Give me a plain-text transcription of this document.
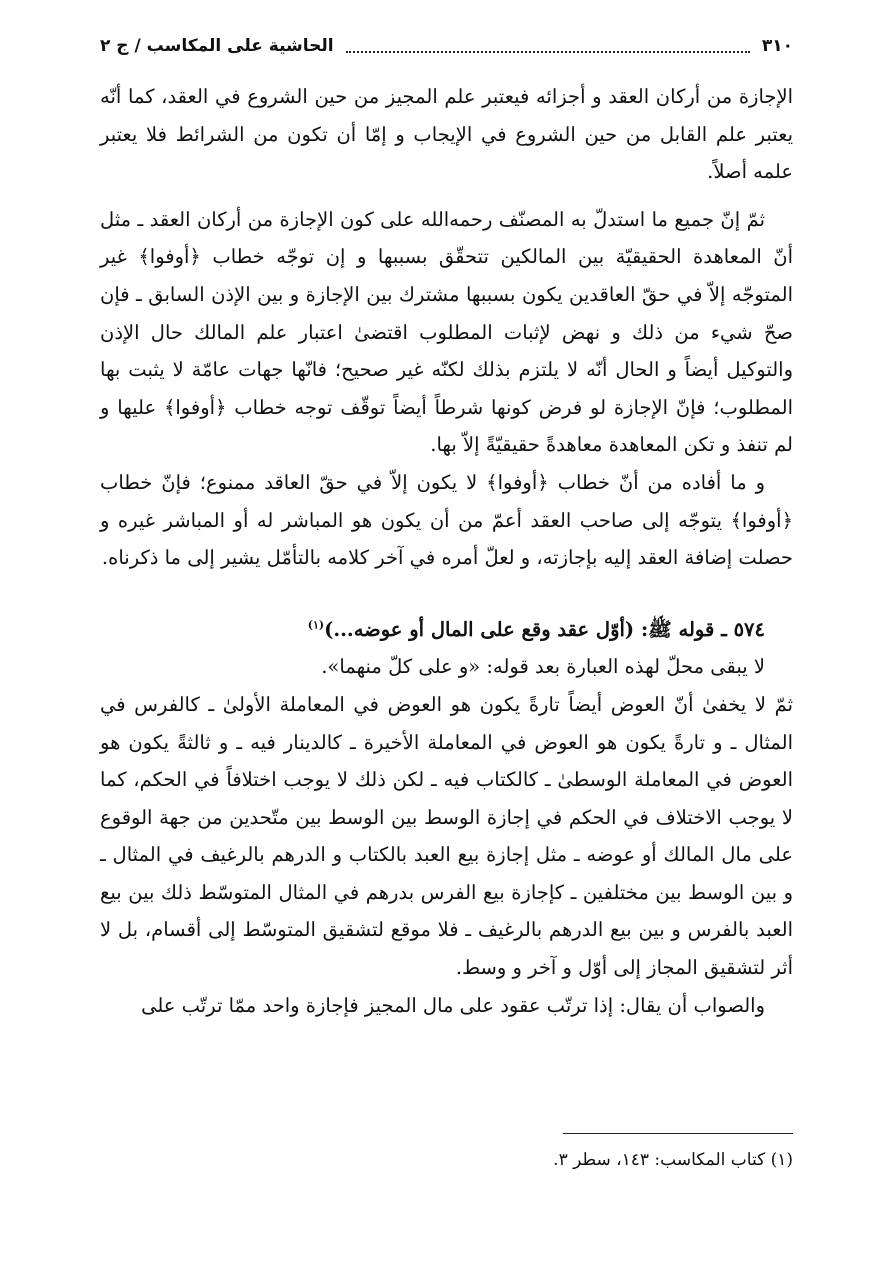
٣١٠
الحاشية على المكاسب / ج ٢

الإجازة من أركان العقد و أجزائه فيعتبر علم المجيز من حين الشروع في العقد، كما أنّه يعتبر علم القابل من حين الشروع في الإيجاب و إمّا أن تكون من الشرائط فلا يعتبر علمه أصلاً.

ثمّ إنّ جميع ما استدلّ به المصنّف رحمه‌الله على كون الإجازة من أركان العقد ـ مثل أنّ المعاهدة الحقيقيّة بين المالكين تتحقّق بسببها و إن توجّه خطاب ﴿أوفوا﴾ غير المتوجّه إلاّ في حقّ العاقدين يكون بسببها مشترك بين الإجازة و بين الإذن السابق ـ فإن صحّ شيء من ذلك و نهض لإثبات المطلوب اقتضىٰ اعتبار علم المالك حال الإذن والتوكيل أيضاً و الحال أنّه لا يلتزم بذلك لكنّه غير صحيح؛ فانّها جهات عامّة لا يثبت بها المطلوب؛ فإنّ الإجازة لو فرض كونها شرطاً أيضاً توقّف توجه خطاب ﴿أوفوا﴾ عليها و لم تنفذ و تكن المعاهدة معاهدةً حقيقيّةً إلاّ بها.

و ما أفاده من أنّ خطاب ﴿أوفوا﴾ لا يكون إلاّ في حقّ العاقد ممنوع؛ فإنّ خطاب ﴿أوفوا﴾ يتوجّه إلى صاحب العقد أعمّ من أن يكون هو المباشر له أو المباشر غيره و حصلت إضافة العقد إليه بإجازته، و لعلّ أمره في آخر كلامه بالتأمّل يشير إلى ما ذكرناه.

٥٧٤ ـ قوله ﷺ: (أوّل عقد وقع على المال أو عوضه...)$^{(١)}$

لا يبقى محلّ لهذه العبارة بعد قوله: «و على كلّ منهما».

ثمّ لا يخفىٰ أنّ العوض أيضاً تارةً يكون هو العوض في المعاملة الأولىٰ ـ كالفرس في المثال ـ و تارةً يكون هو العوض في المعاملة الأخيرة ـ كالدينار فيه ـ و ثالثةً يكون هو العوض في المعاملة الوسطىٰ ـ كالكتاب فيه ـ لكن ذلك لا يوجب اختلافاً في الحكم، كما لا يوجب الاختلاف في الحكم في إجازة الوسط بين الوسط بين متّحدين من جهة الوقوع على مال المالك أو عوضه ـ مثل إجازة بيع العبد بالكتاب و الدرهم بالرغيف في المثال ـ و بين الوسط بين مختلفين ـ كإجازة بيع الفرس بدرهم في المثال المتوسّط ذلك بين بيع العبد بالفرس و بين بيع الدرهم بالرغيف ـ فلا موقع لتشقيق المتوسّط إلى أقسام، بل لا أثر لتشقيق المجاز إلى أوّل و آخر و وسط.

والصواب أن يقال: إذا ترتّب عقود على مال المجيز فإجازة واحد ممّا ترتّب على

(١) كتاب المكاسب: ١٤٣، سطر ٣.
